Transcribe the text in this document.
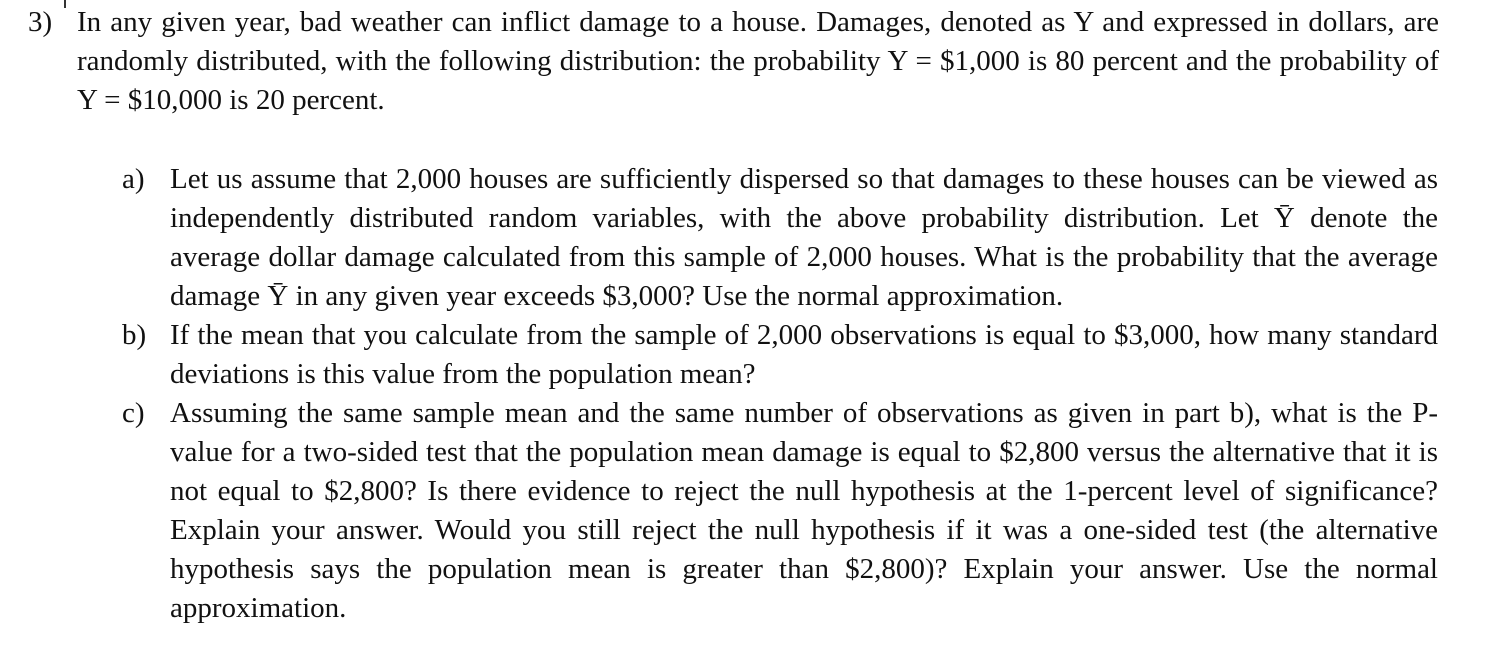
3) In any given year, bad weather can inflict damage to a house. Damages, denoted as Y and expressed in dollars, are randomly distributed, with the following distribution: the probability Y = $1,000 is 80 percent and the probability of Y = $10,000 is 20 percent.
a) Let us assume that 2,000 houses are sufficiently dispersed so that damages to these houses can be viewed as independently distributed random variables, with the above probability distribution. Let Ȳ denote the average dollar damage calculated from this sample of 2,000 houses. What is the probability that the average damage Ȳ in any given year exceeds $3,000? Use the normal approximation.
b) If the mean that you calculate from the sample of 2,000 observations is equal to $3,000, how many standard deviations is this value from the population mean?
c) Assuming the same sample mean and the same number of observations as given in part b), what is the P-value for a two-sided test that the population mean damage is equal to $2,800 versus the alternative that it is not equal to $2,800? Is there evidence to reject the null hypothesis at the 1-percent level of significance? Explain your answer. Would you still reject the null hypothesis if it was a one-sided test (the alternative hypothesis says the population mean is greater than $2,800)? Explain your answer. Use the normal approximation.
